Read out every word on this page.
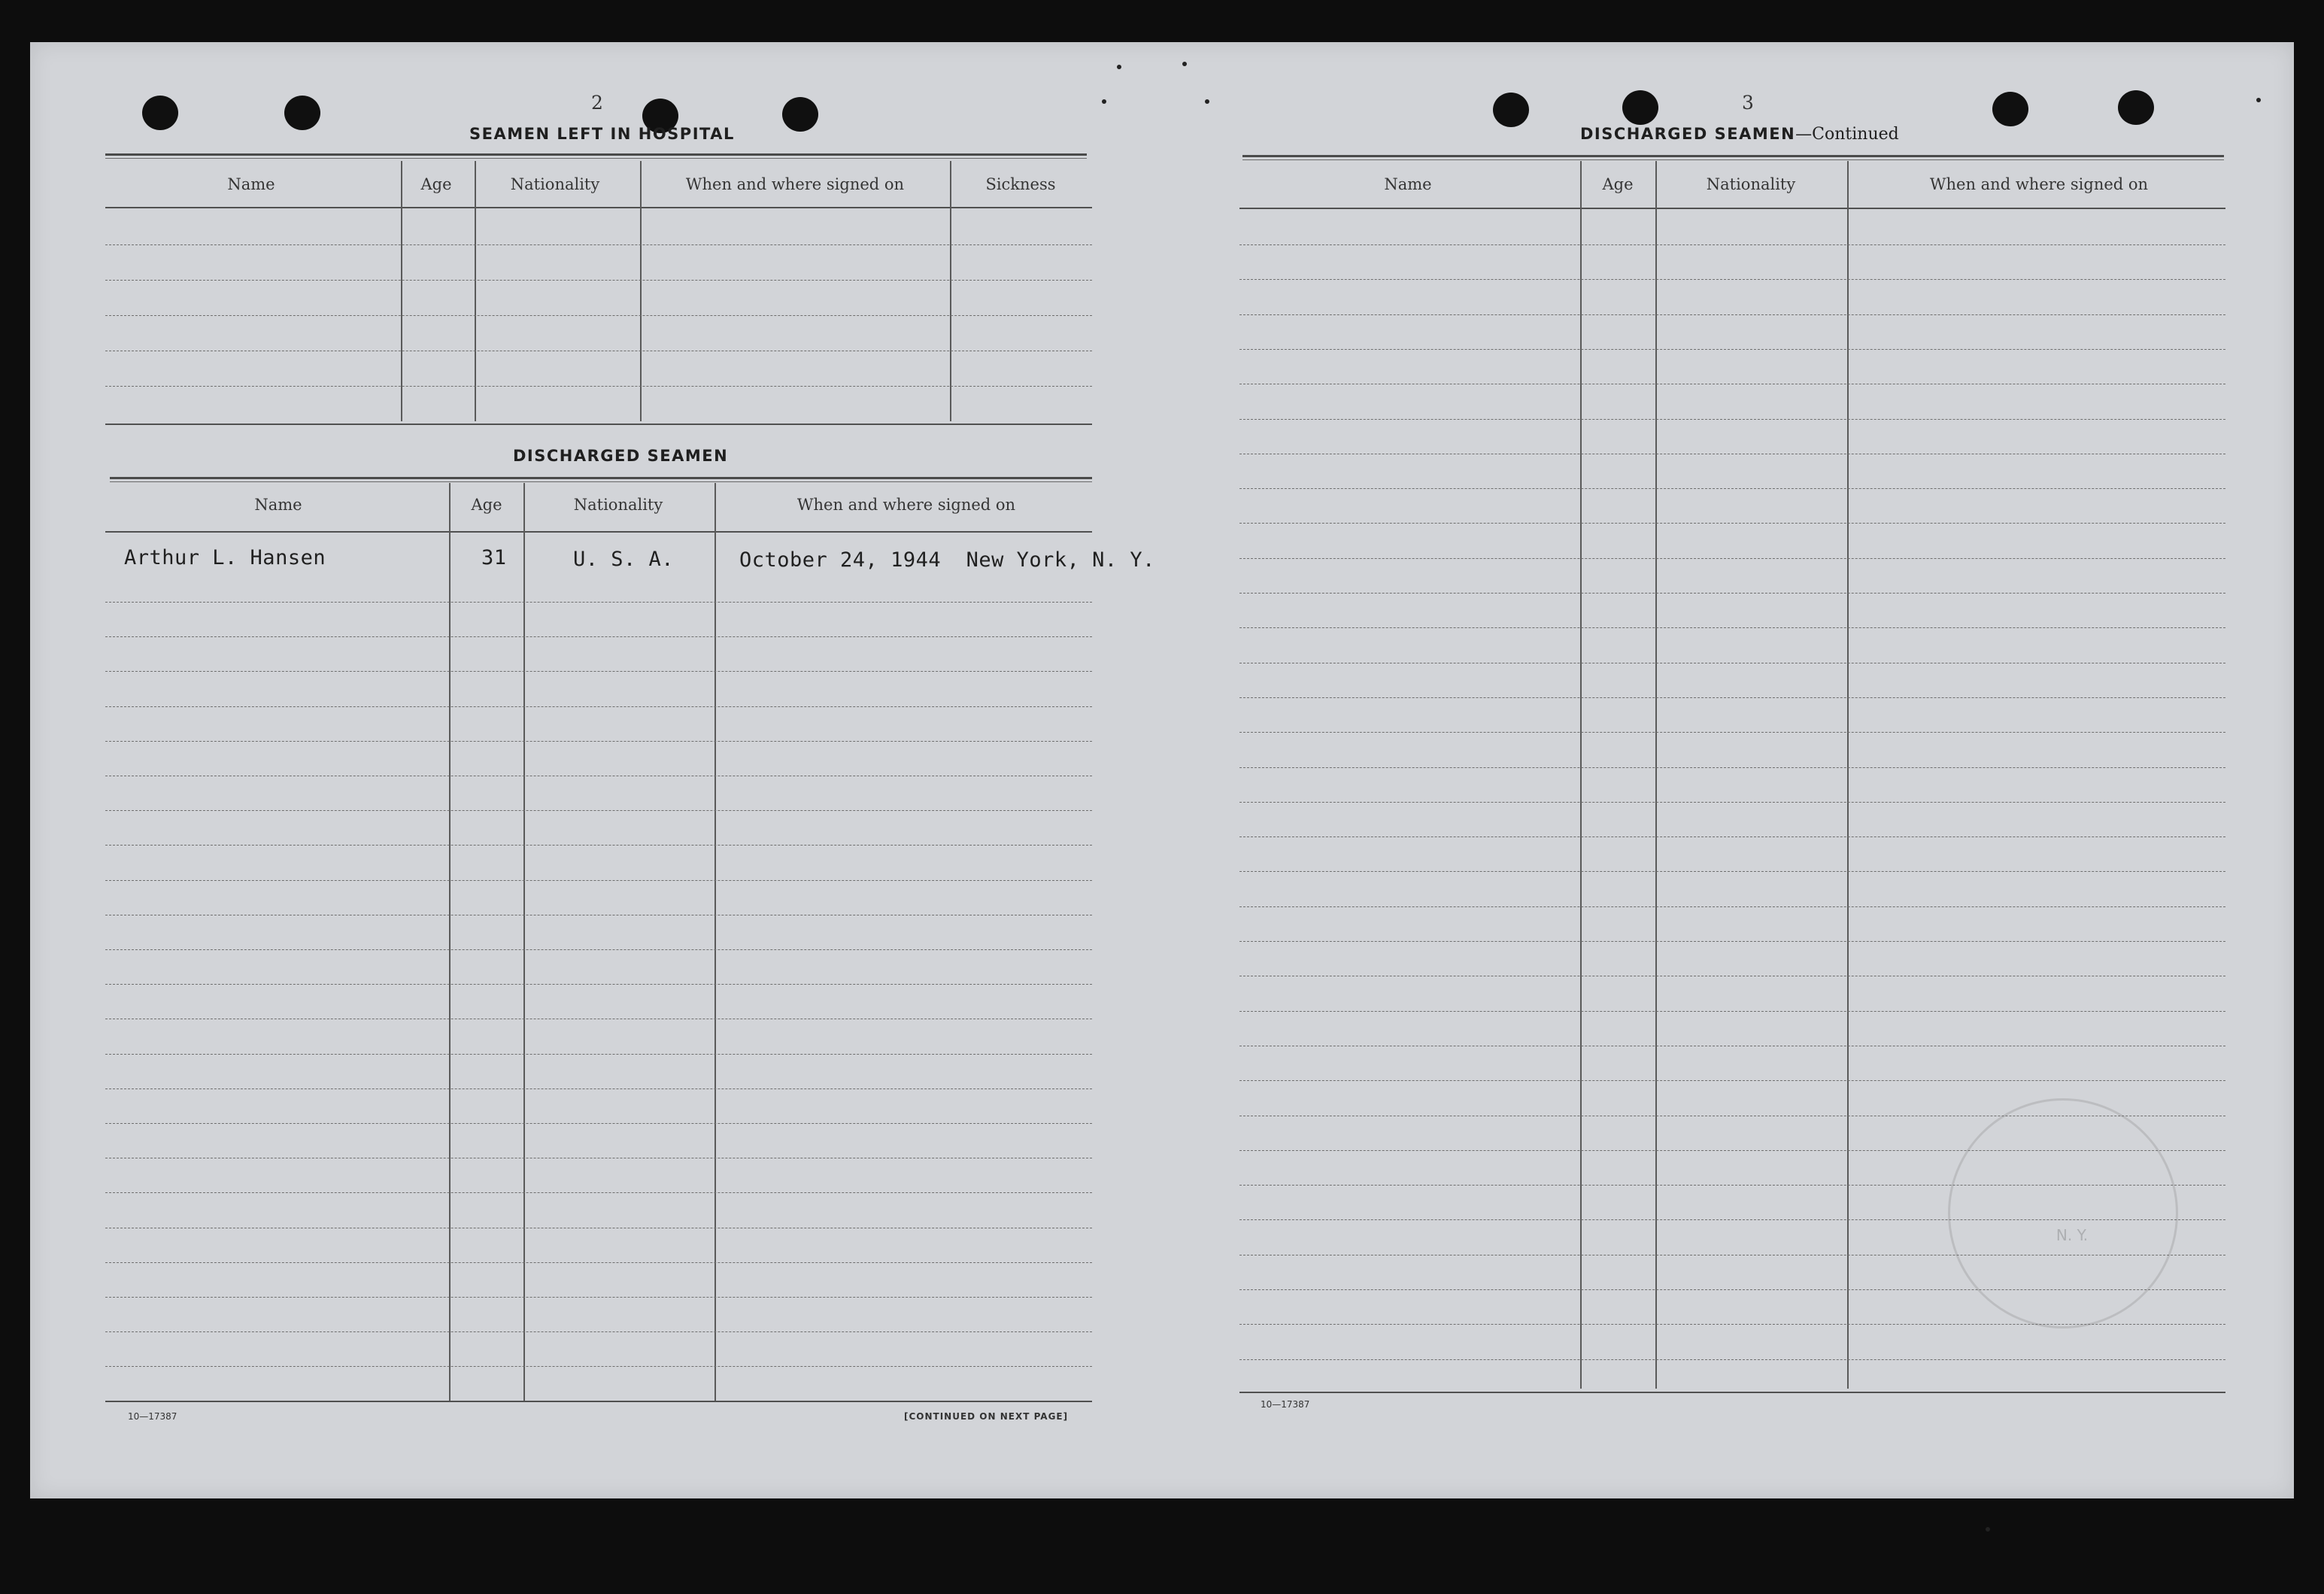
2
SEAMEN LEFT IN HOSPITAL
Name	Age	Nationality	When and where signed on	Sickness
DISCHARGED SEAMEN
Name	Age	Nationality	When and where signed on
Arthur L. Hansen	31	U. S. A.	October 24, 1944  New York, N. Y.
10—17387	[CONTINUED ON NEXT PAGE]
3
DISCHARGED SEAMEN—Continued
Name	Age	Nationality	When and where signed on
10—17387
N. Y.
